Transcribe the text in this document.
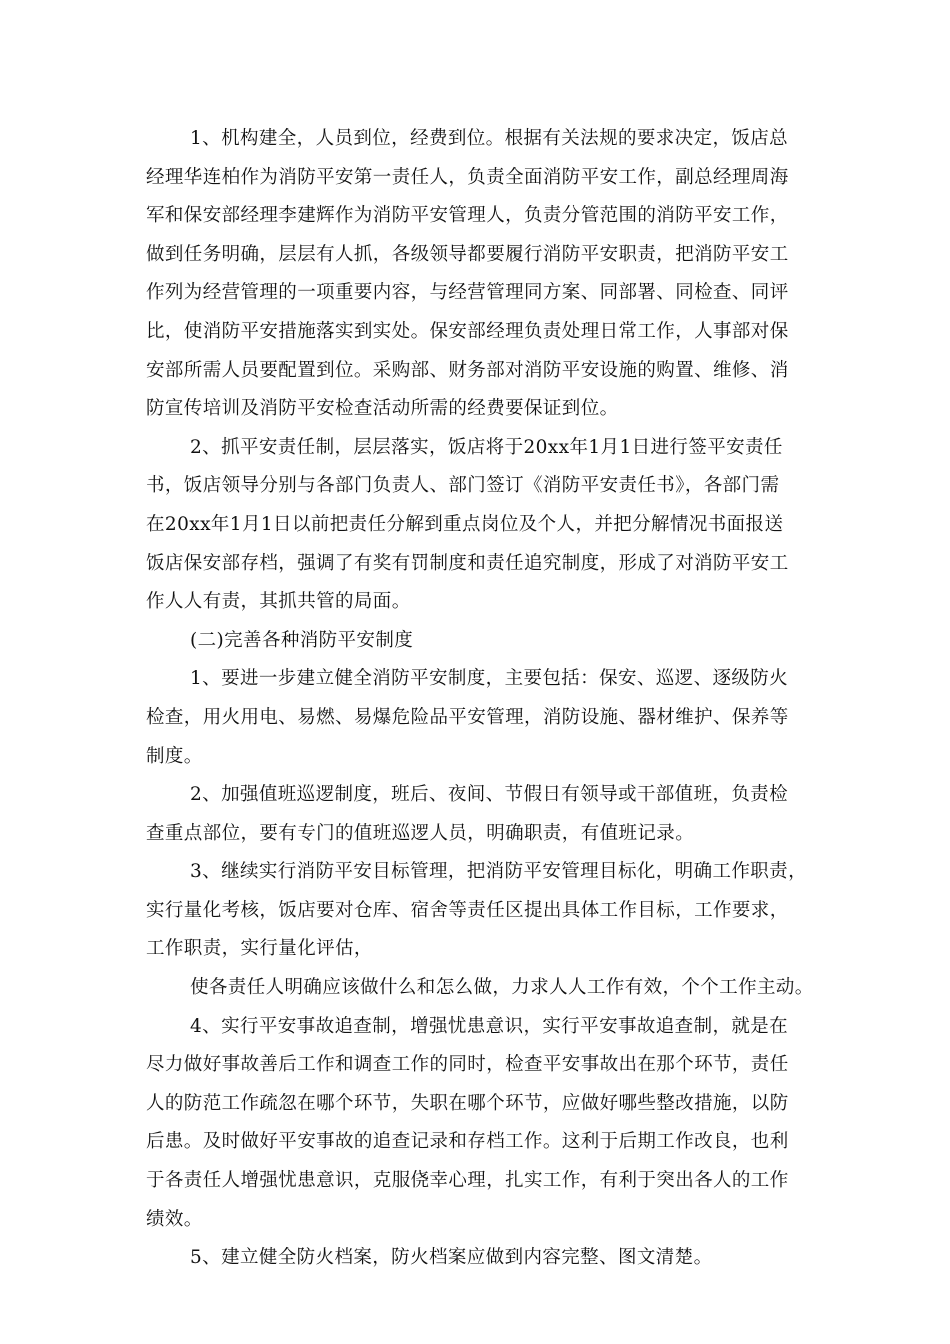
1、机构建全，人员到位，经费到位。根据有关法规的要求决定，饭店总
经理华连柏作为消防平安第一责任人，负责全面消防平安工作，副总经理周海
军和保安部经理李建辉作为消防平安管理人，负责分管范围的消防平安工作，
做到任务明确，层层有人抓，各级领导都要履行消防平安职责，把消防平安工
作列为经营管理的一项重要内容，与经营管理同方案、同部署、同检查、同评
比，使消防平安措施落实到实处。保安部经理负责处理日常工作，人事部对保
安部所需人员要配置到位。采购部、财务部对消防平安设施的购置、维修、消
防宣传培训及消防平安检查活动所需的经费要保证到位。
2、抓平安责任制，层层落实，饭店将于20xx年1月1日进行签平安责任
书，饭店领导分别与各部门负责人、部门签订《消防平安责任书》，各部门需
在20xx年1月1日以前把责任分解到重点岗位及个人，并把分解情况书面报送
饭店保安部存档，强调了有奖有罚制度和责任追究制度，形成了对消防平安工
作人人有责，其抓共管的局面。
(二)完善各种消防平安制度
1、要进一步建立健全消防平安制度，主要包括：保安、巡逻、逐级防火
检查，用火用电、易燃、易爆危险品平安管理，消防设施、器材维护、保养等
制度。
2、加强值班巡逻制度，班后、夜间、节假日有领导或干部值班，负责检
查重点部位，要有专门的值班巡逻人员，明确职责，有值班记录。
3、继续实行消防平安目标管理，把消防平安管理目标化，明确工作职责，
实行量化考核，饭店要对仓库、宿舍等责任区提出具体工作目标，工作要求，
工作职责，实行量化评估，
使各责任人明确应该做什么和怎么做，力求人人工作有效，个个工作主动。
4、实行平安事故追查制，增强忧患意识，实行平安事故追查制，就是在
尽力做好事故善后工作和调查工作的同时，检查平安事故出在那个环节，责任
人的防范工作疏忽在哪个环节，失职在哪个环节，应做好哪些整改措施，以防
后患。及时做好平安事故的追查记录和存档工作。这利于后期工作改良，也利
于各责任人增强忧患意识，克服侥幸心理，扎实工作，有利于突出各人的工作
绩效。
5、建立健全防火档案，防火档案应做到内容完整、图文清楚。
